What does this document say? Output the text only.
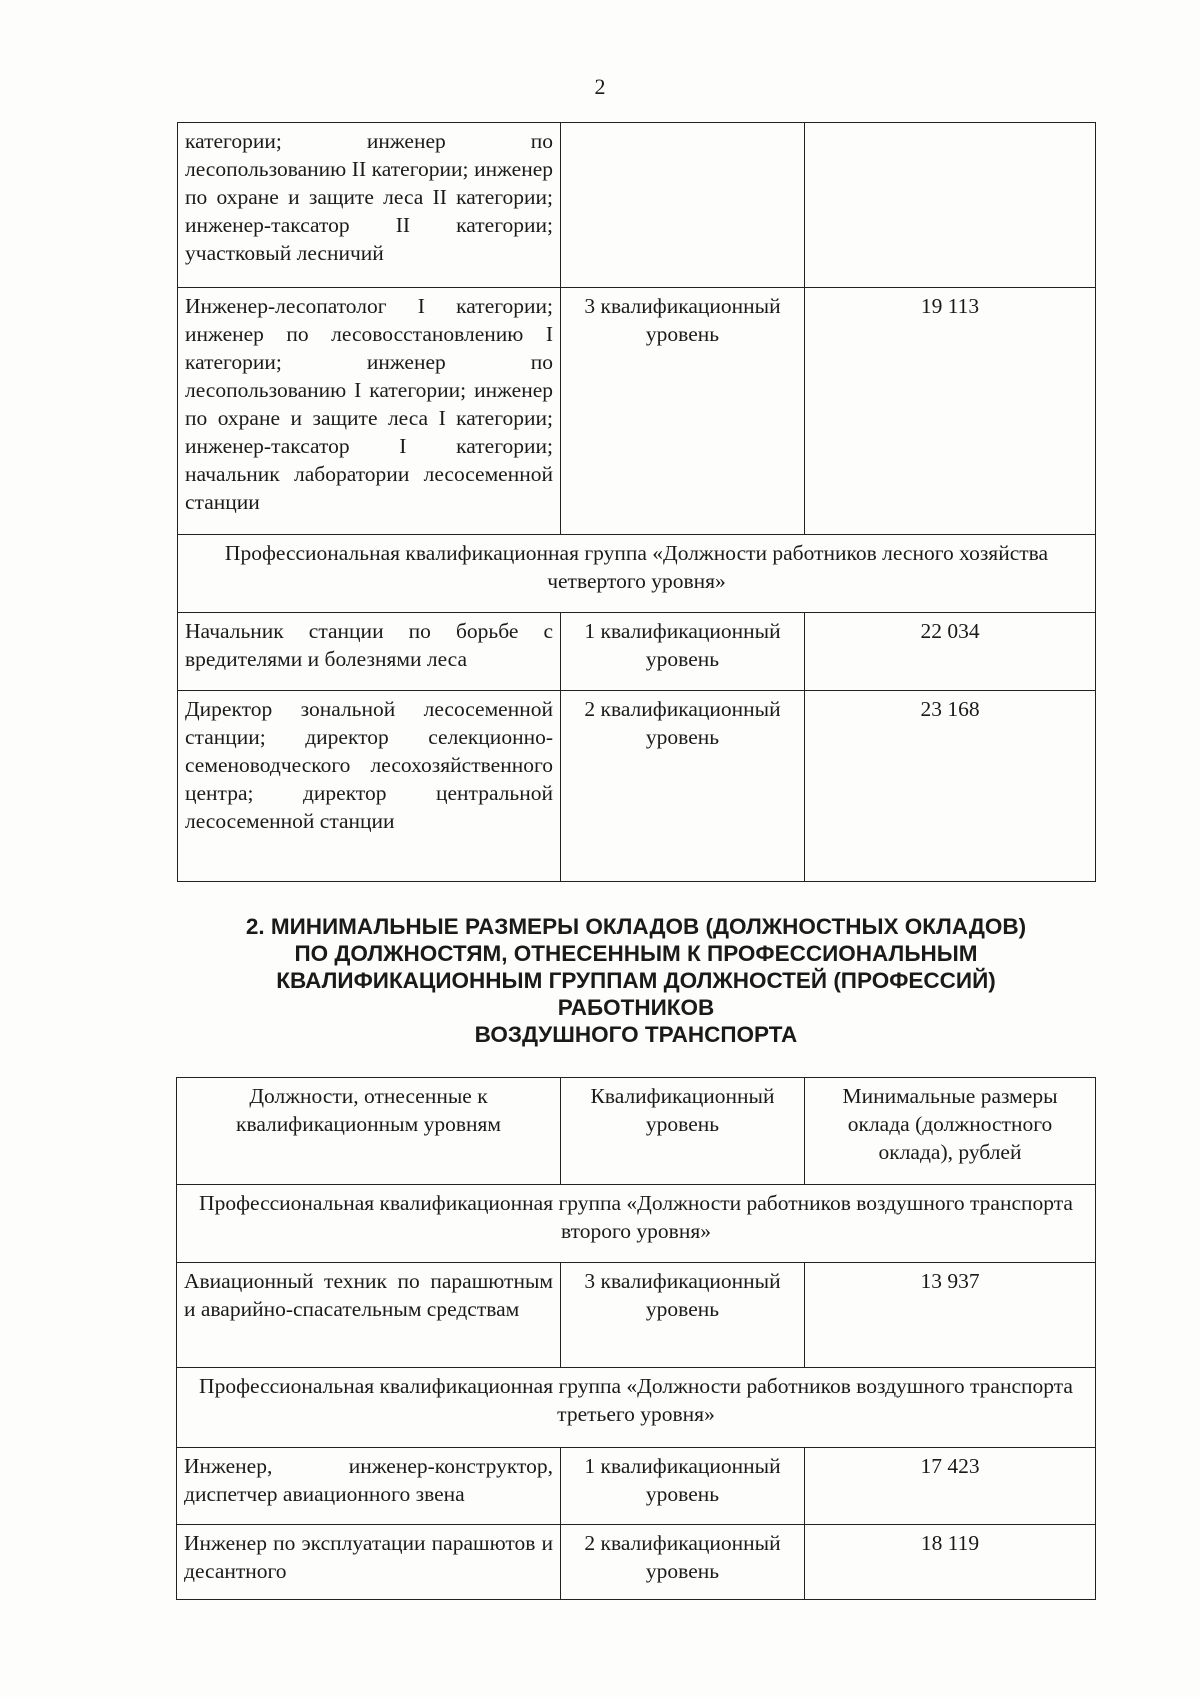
2
категории; инженер по лесопользованию II категории; инженер по охране и защите леса II категории; инженер-таксатор II категории; участковый лесничий		
Инженер-лесопатолог I категории; инженер по лесовосстановлению I категории; инженер по лесопользованию I категории; инженер по охране и защите леса I категории; инженер-таксатор I категории; начальник лаборатории лесосеменной станции	3 квалификационный уровень	19 113
Профессиональная квалификационная группа «Должности работников лесного хозяйства четвертого уровня»		
Начальник станции по борьбе с вредителями и болезнями леса	1 квалификационный уровень	22 034
Директор зональной лесосеменной станции; директор селекционно-семеноводческого лесохозяйственного центра; директор центральной лесосеменной станции	2 квалификационный уровень	23 168
2. МИНИМАЛЬНЫЕ РАЗМЕРЫ ОКЛАДОВ (ДОЛЖНОСТНЫХ ОКЛАДОВ)
ПО ДОЛЖНОСТЯМ, ОТНЕСЕННЫМ К ПРОФЕССИОНАЛЬНЫМ
КВАЛИФИКАЦИОННЫМ ГРУППАМ ДОЛЖНОСТЕЙ (ПРОФЕССИЙ)
РАБОТНИКОВ
ВОЗДУШНОГО ТРАНСПОРТА
Должности, отнесенные к квалификационным уровням	Квалификационный уровень	Минимальные размеры оклада (должностного оклада), рублей
Профессиональная квалификационная группа «Должности работников воздушного транспорта второго уровня»		
Авиационный техник по парашютным и аварийно-спасательным средствам	3 квалификационный уровень	13 937
Профессиональная квалификационная группа «Должности работников воздушного транспорта третьего уровня»		
Инженер, инженер-конструктор, диспетчер авиационного звена	1 квалификационный уровень	17 423
Инженер по эксплуатации парашютов и десантного	2 квалификационный уровень	18 119
